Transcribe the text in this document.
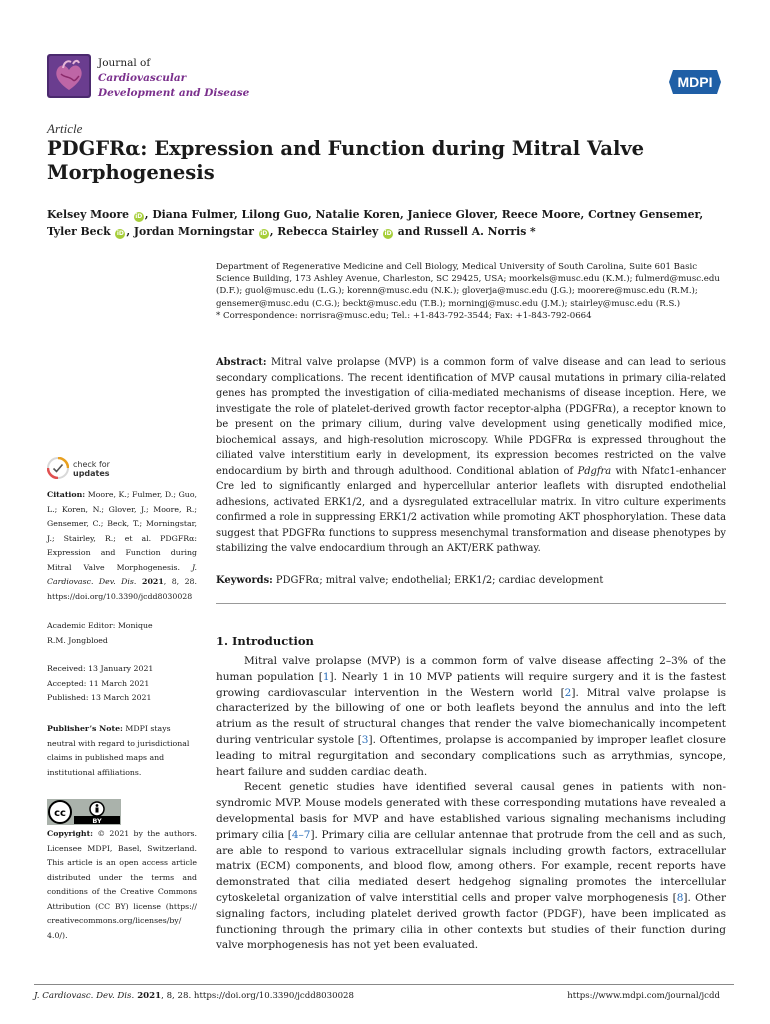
Journal of
Cardiovascular
Development and Disease
MDPI
Article
PDGFRα: Expression and Function during Mitral Valve Morphogenesis
Kelsey Moore iD , Diana Fulmer, Lilong Guo, Natalie Koren, Janiece Glover, Reece Moore, Cortney Gensemer, Tyler Beck iD , Jordan Morningstar iD , Rebecca Stairley iD and Russell A. Norris *
Department of Regenerative Medicine and Cell Biology, Medical University of South Carolina, Suite 601 Basic Science Building, 173 Ashley Avenue, Charleston, SC 29425, USA; moorkels@musc.edu (K.M.); fulmerd@musc.edu (D.F.); guol@musc.edu (L.G.); korenn@musc.edu (N.K.); gloverja@musc.edu (J.G.); moorere@musc.edu (R.M.); gensemer@musc.edu (C.G.); beckt@musc.edu (T.B.); morningj@musc.edu (J.M.); stairley@musc.edu (R.S.)
* Correspondence: norrisra@musc.edu; Tel.: +1-843-792-3544; Fax: +1-843-792-0664
Abstract: Mitral valve prolapse (MVP) is a common form of valve disease and can lead to serious secondary complications. The recent identification of MVP causal mutations in primary cilia-related genes has prompted the investigation of cilia-mediated mechanisms of disease inception. Here, we investigate the role of platelet-derived growth factor receptor-alpha (PDGFRα), a receptor known to be present on the primary cilium, during valve development using genetically modified mice, biochemical assays, and high-resolution microscopy. While PDGFRα is expressed throughout the ciliated valve interstitium early in development, its expression becomes restricted on the valve endocardium by birth and through adulthood. Conditional ablation of Pdgfra with Nfatc1-enhancer Cre led to significantly enlarged and hypercellular anterior leaflets with disrupted endothelial adhesions, activated ERK1/2, and a dysregulated extracellular matrix. In vitro culture experiments confirmed a role in suppressing ERK1/2 activation while promoting AKT phosphorylation. These data suggest that PDGFRα functions to suppress mesenchymal transformation and disease phenotypes by stabilizing the valve endocardium through an AKT/ERK pathway.
Keywords: PDGFRα; mitral valve; endothelial; ERK1/2; cardiac development
1. Introduction

Mitral valve prolapse (MVP) is a common form of valve disease affecting 2–3% of the human population [1]. Nearly 1 in 10 MVP patients will require surgery and it is the fastest growing cardiovascular intervention in the Western world [2]. Mitral valve prolapse is characterized by the billowing of one or both leaflets beyond the annulus and into the left atrium as the result of structural changes that render the valve biomechanically incompetent during ventricular systole [3]. Oftentimes, prolapse is accompanied by improper leaflet closure leading to mitral regurgitation and secondary complications such as arrythmias, syncope, heart failure and sudden cardiac death.

Recent genetic studies have identified several causal genes in patients with non-syndromic MVP. Mouse models generated with these corresponding mutations have revealed a developmental basis for MVP and have established various signaling mechanisms including primary cilia [4–7]. Primary cilia are cellular antennae that protrude from the cell and as such, are able to respond to various extracellular signals including growth factors, extracellular matrix (ECM) components, and blood flow, among others. For example, recent reports have demonstrated that cilia mediated desert hedgehog signaling promotes the intercellular cytoskeletal organization of valve interstitial cells and proper valve morphogenesis [8]. Other signaling factors, including platelet derived growth factor (PDGF), have been implicated as functioning through the primary cilia in other contexts but studies of their function during valve morphogenesis has not yet been evaluated.

check for
updates
Citation: Moore, K.; Fulmer, D.; Guo, L.; Koren, N.; Glover, J.; Moore, R.; Gensemer, C.; Beck, T.; Morningstar, J.; Stairley, R.; et al. PDGFRα: Expression and Function during Mitral Valve Morphogenesis. J. Cardiovasc. Dev. Dis. 2021, 8, 28. https://doi.org/10.3390/jcdd8030028
Academic Editor: Monique
R.M. Jongbloed
Received: 13 January 2021
Accepted: 11 March 2021
Published: 13 March 2021
Publisher’s Note: MDPI stays neutral with regard to jurisdictional claims in published maps and institutional affiliations.
cc
BY
Copyright: © 2021 by the authors. Licensee MDPI, Basel, Switzerland. This article is an open access article distributed under the terms and conditions of the Creative Commons Attribution (CC BY) license (https:// creativecommons.org/licenses/by/ 4.0/).
J. Cardiovasc. Dev. Dis. 2021, 8, 28. https://doi.org/10.3390/jcdd8030028	https://www.mdpi.com/journal/jcdd
